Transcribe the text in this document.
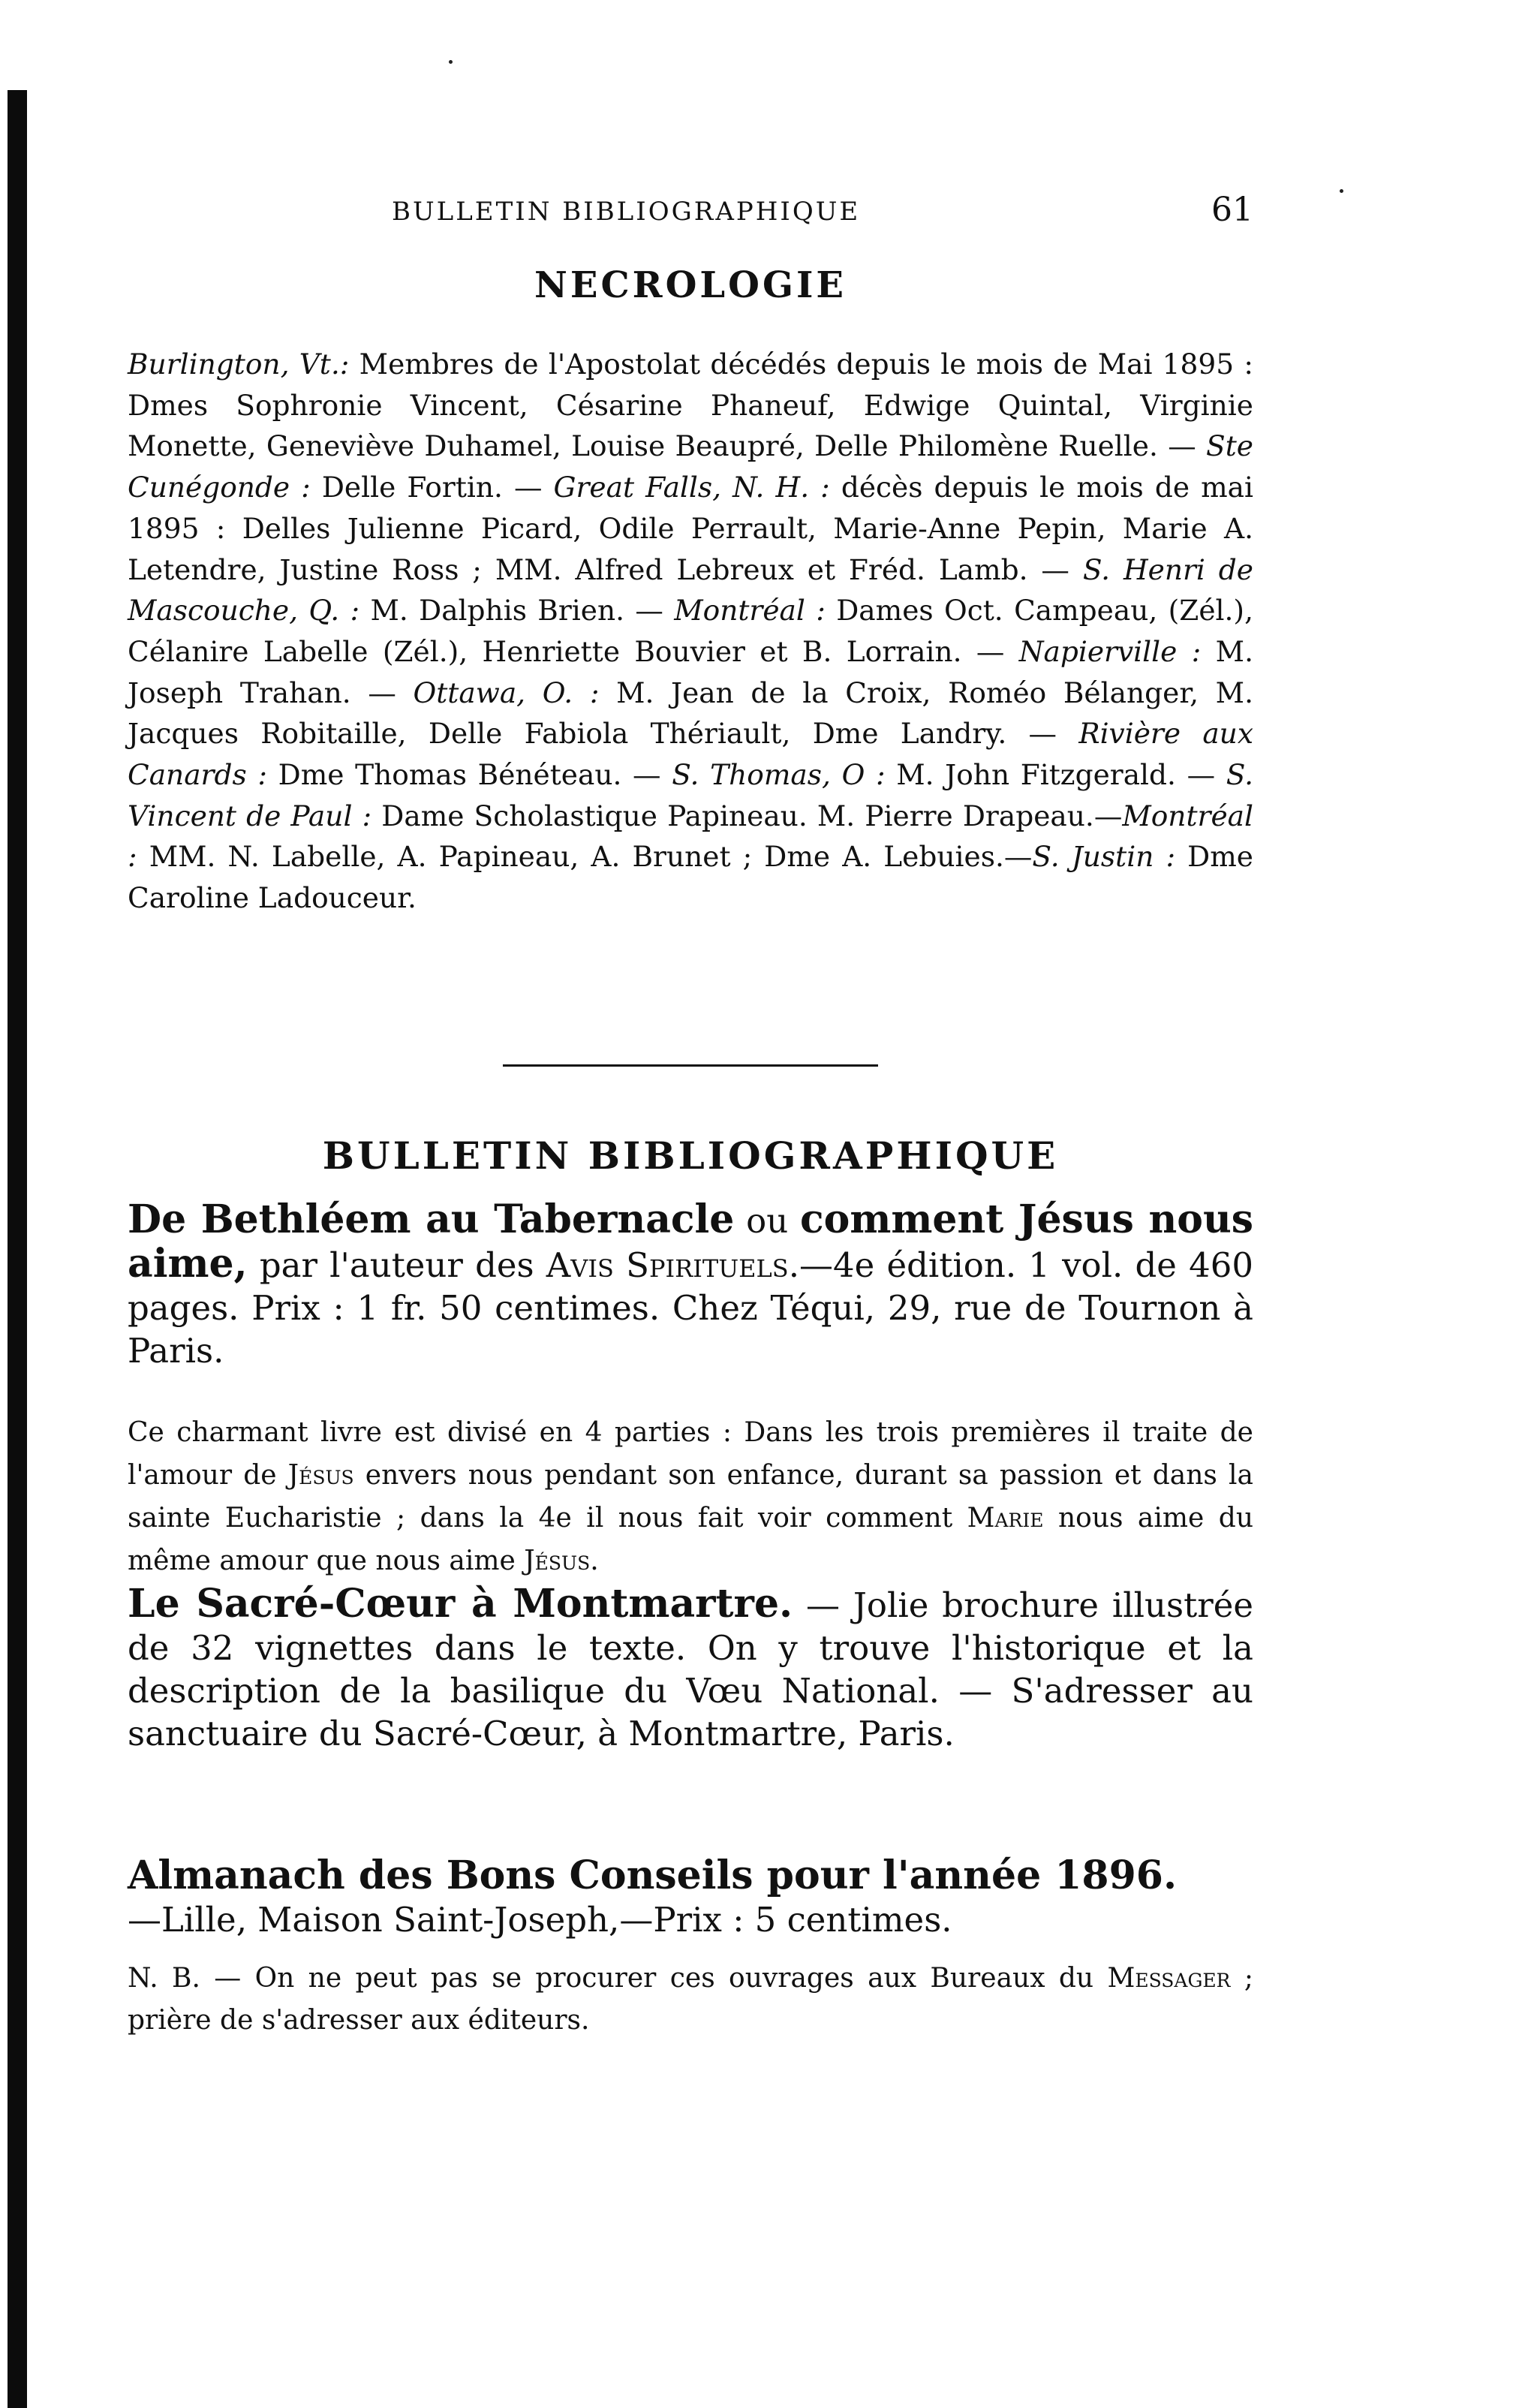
BULLETIN BIBLIOGRAPHIQUE	61
NECROLOGIE
Burlington, Vt.: Membres de l'Apostolat décédés depuis le mois de Mai 1895 : Dmes Sophronie Vincent, Césarine Phaneuf, Edwige Quintal, Virginie Monette, Geneviève Duhamel, Louise Beaupré, Delle Philomène Ruelle. — Ste Cunégonde : Delle Fortin. — Great Falls, N. H. : décès depuis le mois de mai 1895 : Delles Julienne Picard, Odile Perrault, Marie-Anne Pepin, Marie A. Letendre, Justine Ross ; MM. Alfred Lebreux et Fréd. Lamb. — S. Henri de Mascouche, Q. : M. Dalphis Brien. — Montréal : Dames Oct. Campeau, (Zél.), Célanire Labelle (Zél.), Henriette Bouvier et B. Lorrain. — Napierville : M. Joseph Trahan. — Ottawa, O. : M. Jean de la Croix, Roméo Bélanger, M. Jacques Robitaille, Delle Fabiola Thériault, Dme Landry. — Rivière aux Canards : Dme Thomas Bénéteau. — S. Thomas, O : M. John Fitzgerald. — S. Vincent de Paul : Dame Scholastique Papineau. M. Pierre Drapeau.—Montréal : MM. N. Labelle, A. Papineau, A. Brunet ; Dme A. Lebuies.—S. Justin : Dme Caroline Ladouceur.
BULLETIN BIBLIOGRAPHIQUE
De Bethléem au Tabernacle ou comment Jésus nous aime, par l'auteur des Avis Spirituels.—4e édition. 1 vol. de 460 pages. Prix : 1 fr. 50 centimes. Chez Téqui, 29, rue de Tournon à Paris.
Ce charmant livre est divisé en 4 parties : Dans les trois premières il traite de l'amour de Jésus envers nous pendant son enfance, durant sa passion et dans la sainte Eucharistie ; dans la 4e il nous fait voir comment Marie nous aime du même amour que nous aime Jésus.
Le Sacré-Cœur à Montmartre. — Jolie brochure illustrée de 32 vignettes dans le texte. On y trouve l'historique et la description de la basilique du Vœu National. — S'adresser au sanctuaire du Sacré-Cœur, à Montmartre, Paris.
Almanach des Bons Conseils pour l'année 1896.
—Lille, Maison Saint-Joseph,—Prix : 5 centimes.
N. B. — On ne peut pas se procurer ces ouvrages aux Bureaux du Messager ; prière de s'adresser aux éditeurs.
